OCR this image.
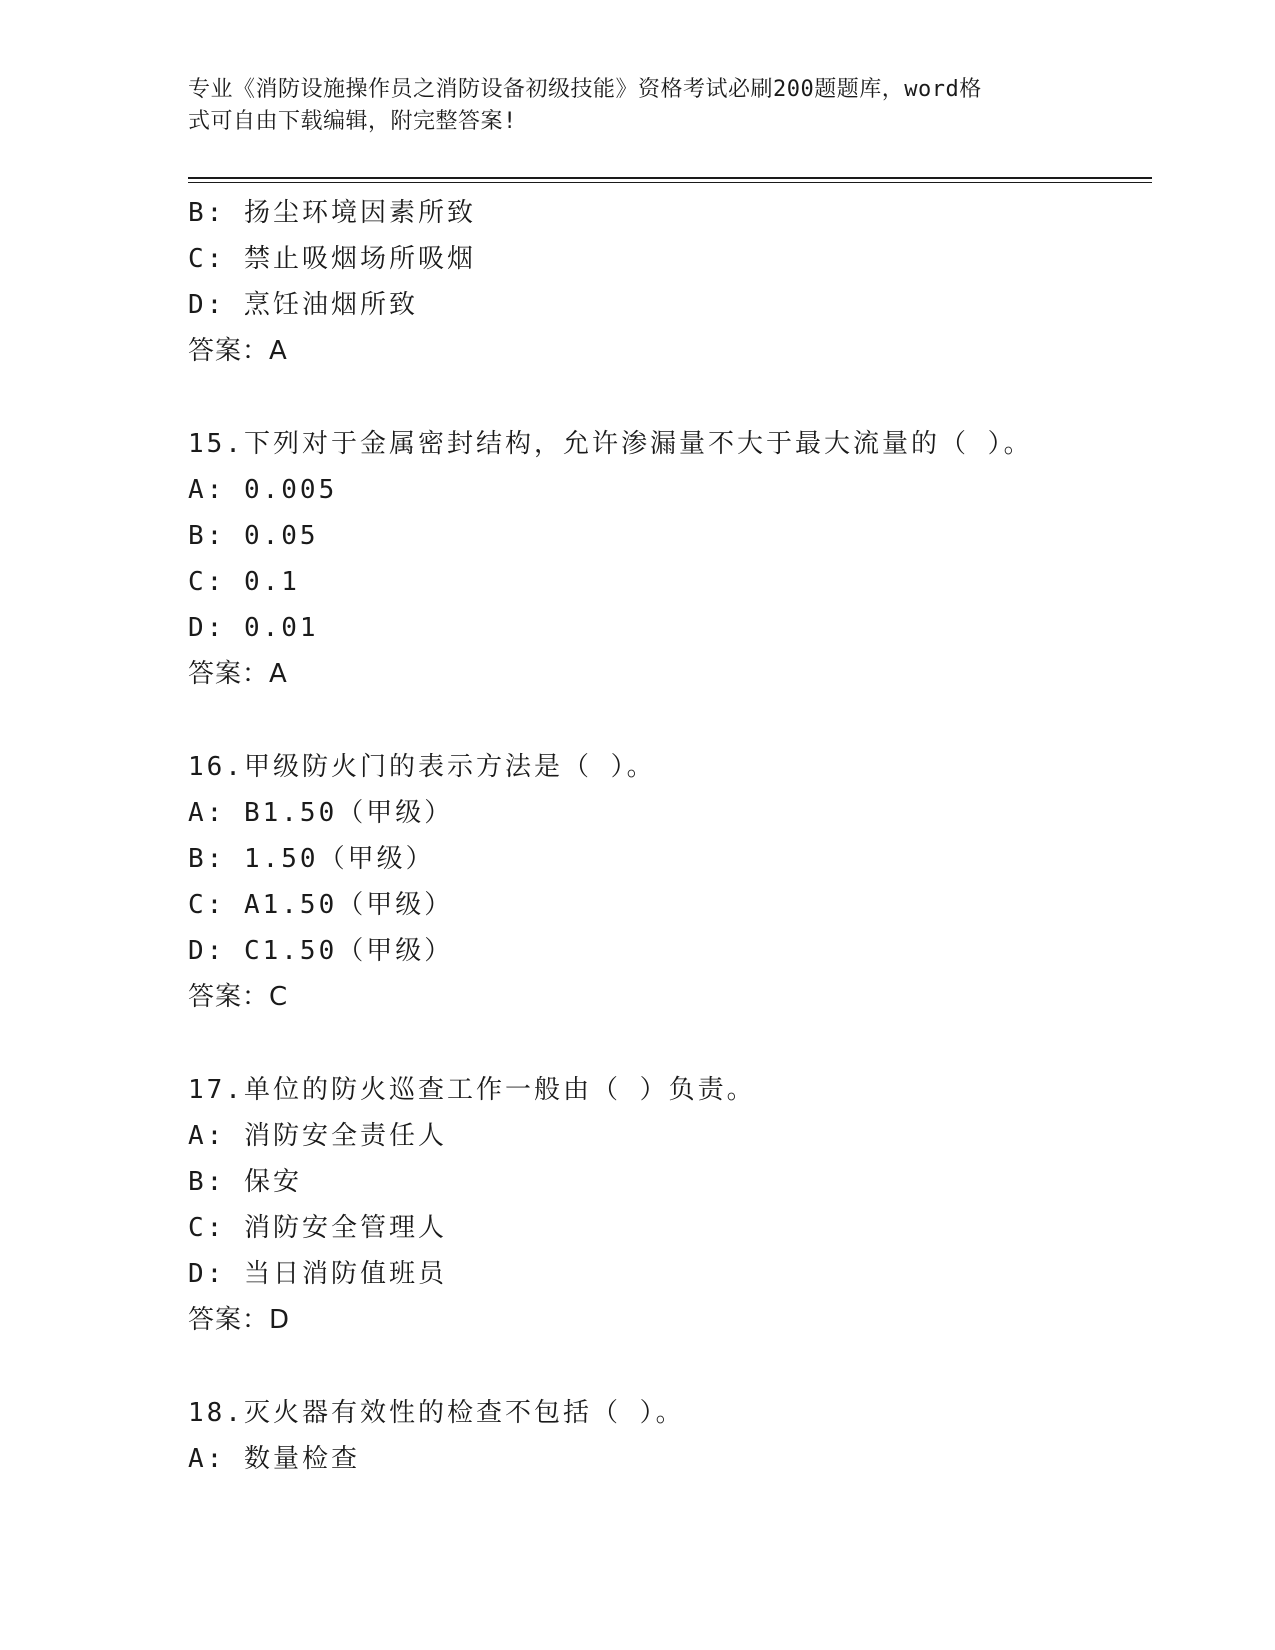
专业《消防设施操作员之消防设备初级技能》资格考试必刷200题题库，word格
式可自由下载编辑，附完整答案!
B: 扬尘环境因素所致
C: 禁止吸烟场所吸烟
D: 烹饪油烟所致
答案：A
15.下列对于金属密封结构，允许渗漏量不大于最大流量的（ ）。
A: 0.005
B: 0.05
C: 0.1
D: 0.01
答案：A
16.甲级防火门的表示方法是（ ）。
A: B1.50（甲级）
B: 1.50（甲级）
C: A1.50（甲级）
D: C1.50（甲级）
答案：C
17.单位的防火巡查工作一般由（ ）负责。
A: 消防安全责任人
B: 保安
C: 消防安全管理人
D: 当日消防值班员
答案：D
18.灭火器有效性的检查不包括（ ）。
A: 数量检查
